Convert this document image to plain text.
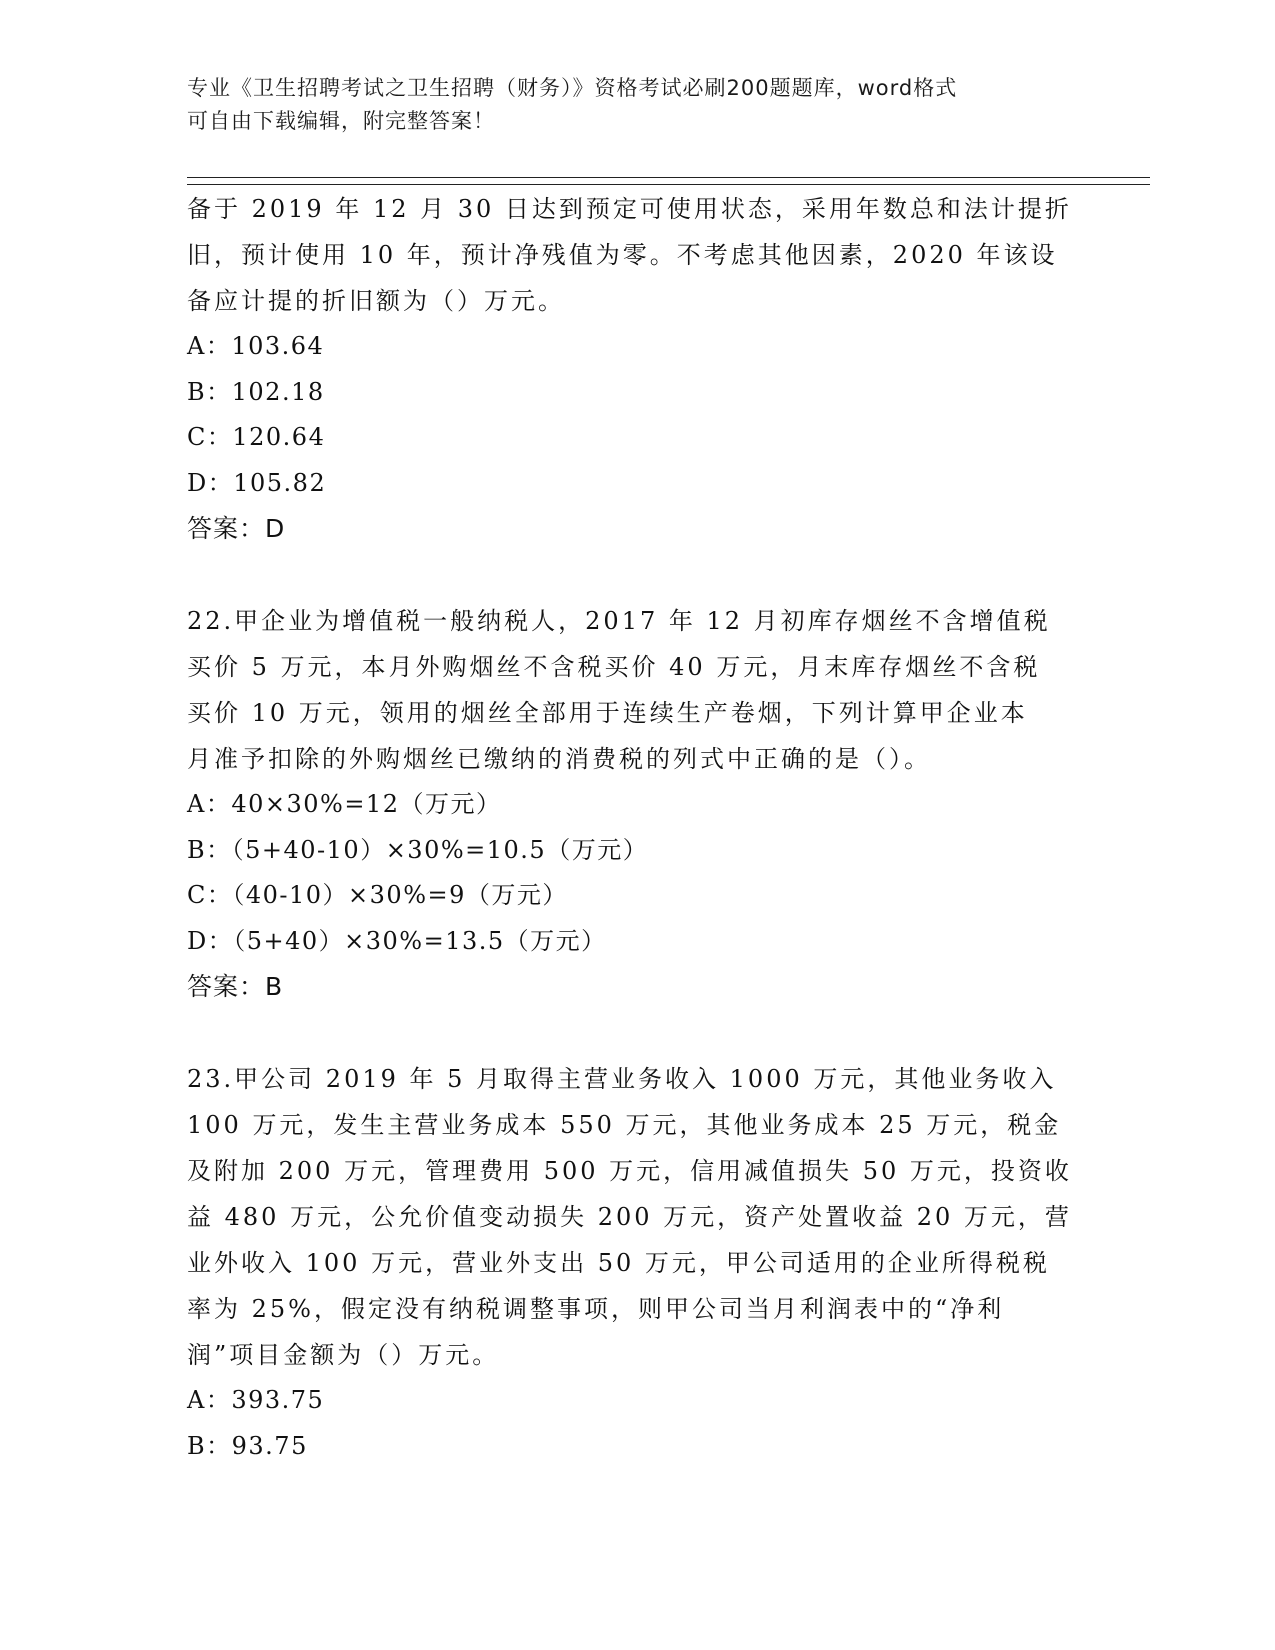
专业《卫生招聘考试之卫生招聘（财务）》资格考试必刷200题题库，word格式
可自由下载编辑，附完整答案！

备于 2019 年 12 月 30 日达到预定可使用状态，采用年数总和法计提折

旧，预计使用 10 年，预计净残值为零。不考虑其他因素，2020 年该设

备应计提的折旧额为（）万元。

A：103.64

B：102.18

C：120.64

D：105.82

答案：D

22.甲企业为增值税一般纳税人，2017 年 12 月初库存烟丝不含增值税

买价 5 万元，本月外购烟丝不含税买价 40 万元，月末库存烟丝不含税

买价 10 万元，领用的烟丝全部用于连续生产卷烟，下列计算甲企业本

月准予扣除的外购烟丝已缴纳的消费税的列式中正确的是（）。

A：40×30%=12（万元）

B：（5+40-10）×30%=10.5（万元）

C：（40-10）×30%=9（万元）

D：（5+40）×30%=13.5（万元）

答案：B

23.甲公司 2019 年 5 月取得主营业务收入 1000 万元，其他业务收入

100 万元，发生主营业务成本 550 万元，其他业务成本 25 万元，税金

及附加 200 万元，管理费用 500 万元，信用减值损失 50 万元，投资收

益 480 万元，公允价值变动损失 200 万元，资产处置收益 20 万元，营

业外收入 100 万元，营业外支出 50 万元，甲公司适用的企业所得税税

率为 25%，假定没有纳税调整事项，则甲公司当月利润表中的“净利

润”项目金额为（）万元。

A：393.75

B：93.75
